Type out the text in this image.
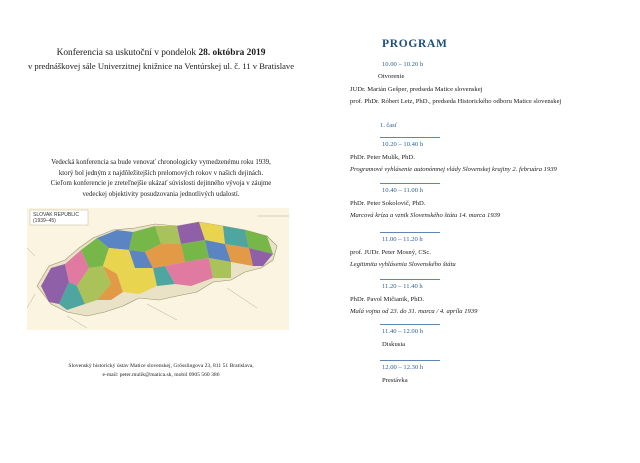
Konferencia sa uskutoční v pondelok 28. októbra 2019
v prednáškovej sále Univerzitnej knižnice na Ventúrskej ul. č. 11 v Bratislave
Vedecká konferencia sa bude venovať chronologicky vymedzenému roku 1939,
ktorý bol jedným z najdôležitejších prelomových rokov v našich dejinách.
Cieľom konferencie je zreteľnejšie ukázať súvislosti dejinného vývoja v záujme
vedeckej objektivity posudzovania jednotlivých udalostí.
SLOVAK REPUBLIC
(1939–45)
Slovenský historický ústav Matice slovenskej, Grösslingova 23, 811 51 Bratislava,
e-mail: peter.mulik@matica.sk, mobil 0905 560 386
PROGRAM
10.00 – 10.20 h
Otvorenie
JUDr. Marián Gešper, predseda Matice slovenskej
prof. PhDr. Róbert Letz, PhD., predseda Historického odboru Matice slovenskej
1. časť
10.20 – 10.40 h
PhDr. Peter Mulík, PhD.
Programové vyhlásenie autonómnej vlády Slovenskej krajiny 2. februára 1939
10.40 – 11.00 h
PhDr. Peter Sokolovič, PhD.
Marcová kríza a vznik Slovenského štátu 14. marca 1939
11.00 – 11.20 h
prof. JUDr. Peter Mosný, CSc.
Legitimita vyhlásenia Slovenského štátu
11.20 – 11.40 h
PhDr. Pavol Mičianik, PhD.
Malá vojna od 23. do 31. marca / 4. apríla 1939
11.40 – 12.00 h
Diskusia
12.00 – 12.30 h
Prestávka
